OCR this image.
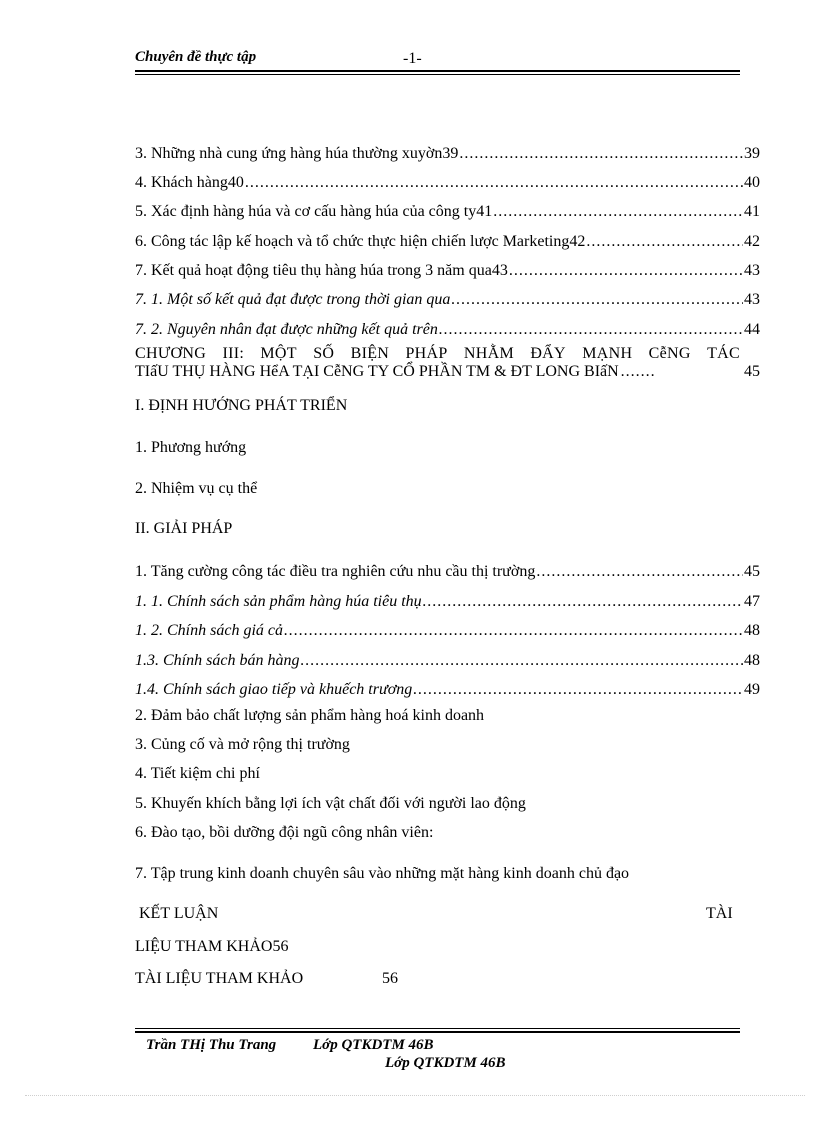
Chuyên đề thực tập	-1-
3. Những nhà cung ứng hàng húa thường xuyờn39 .....	39
4. Khách hàng40 .....	40
5. Xác định hàng húa và cơ cấu hàng húa của công ty41 .....	41
6. Công tác lập kế hoạch và tổ chức thực hiện chiến lược Marketing42 .....	42
7. Kết quả hoạt động tiêu thụ hàng húa trong 3 năm qua43 .....	43
7. 1. Một số kết quả đạt được trong thời gian qua .....	43
7. 2. Nguyên nhân đạt được những kết quả trên .....	44
CHƯƠNG III: MỘT SỐ BIỆN PHÁP NHẰM ĐẨY MẠNH CễNG TÁC
TIấU THỤ HÀNG HểA TẠI CễNG TY CỔ PHẦN TM & ĐT LONG BIấN .......	45
I. ĐỊNH HƯỚNG PHÁT TRIỂN
1. Phương hướng
2. Nhiệm vụ cụ thể
II. GIẢI PHÁP
1. Tăng cường công tác điều tra nghiên cứu nhu cầu thị trường .....	45
1. 1. Chính sách sản phẩm hàng húa tiêu thụ .....	47
1. 2. Chính sách giá cả .....	48
1.3. Chính sách bán hàng .....	48
1.4. Chính sách giao tiếp và khuếch trương .....	49
2. Đảm bảo chất lượng sản phẩm hàng hoá kinh doanh
3. Củng cố và mở rộng thị trường
4. Tiết kiệm chi phí
5. Khuyến khích bằng lợi ích vật chất đối với người lao động
6. Đào tạo, bồi dưỡng đội ngũ công nhân viên:
7. Tập trung kinh doanh chuyên sâu vào những mặt hàng kinh doanh chủ đạo
KẾT LUẬN	TÀI
LIỆU THAM KHẢO56
TÀI LIỆU THAM KHẢO	56
Trần THị Thu Trang Lớp QTKDTM 46B
Lớp QTKDTM 46B
